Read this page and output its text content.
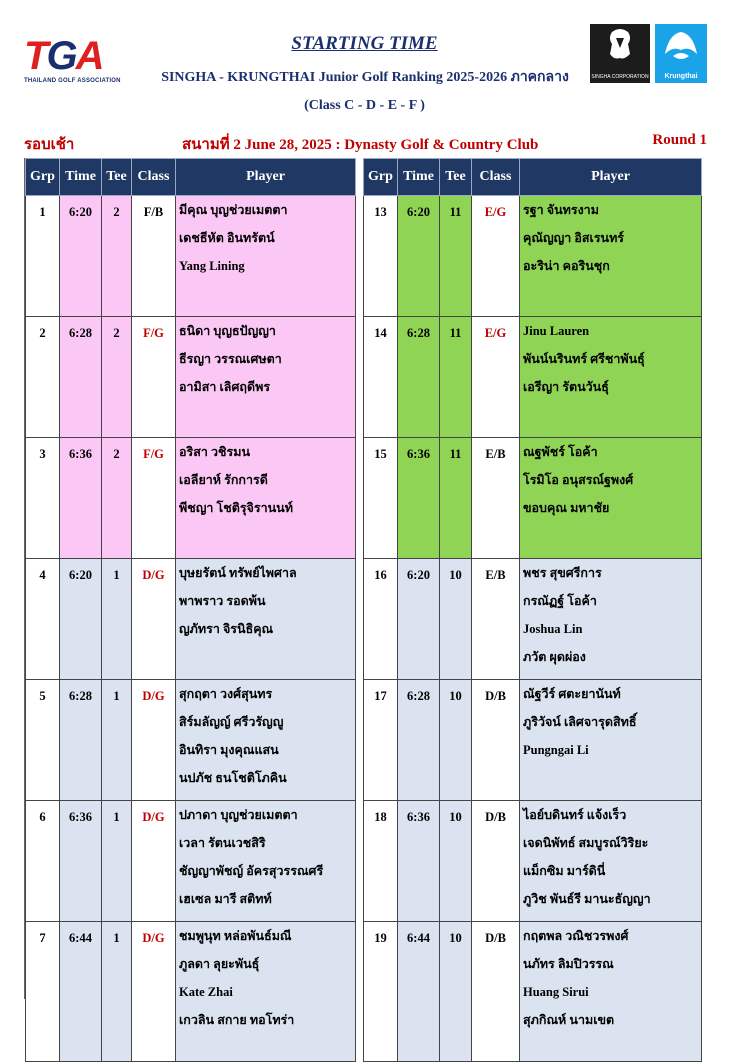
TGA
THAILAND GOLF ASSOCIATION
STARTING TIME
SINGHA - KRUNGTHAI Junior Golf Ranking 2025-2026 ภาคกลาง
(Class C - D - E - F )
SINGHA CORPORATION	Krungthai
รอบเช้า	สนามที่ 2 June 28, 2025 : Dynasty Golf & Country Club	Round 1
Grp	Time	Tee	Class	Player
1	6:20	2	F/B	มีคุณ บุญช่วยเมตตา
เดชธีหัต อินทรัตน์
Yang Lining

2	6:28	2	F/G	ธนิดา บุญธปัญญา
ธีรญา วรรณเศษตา
อามิสา เลิศฤดีพร

3	6:36	2	F/G	อริสา วชิรมน
เอลียาห์ รักการดี
พีชญา โชติรุจิรานนท์

4	6:20	1	D/G	บุษยรัตน์ ทรัพย์ไพศาล
พาพราว รอดพ้น
ญภัทรา จิรนิธิคุณ

5	6:28	1	D/G	สุกฤตา วงศ์สุนทร
สิร์มลัญญ์ ศรีวรัญญู
อินทิรา มุงคุณแสน
นปภัช ธนโชติโภคิน

6	6:36	1	D/G	ปภาดา บุญช่วยเมตตา
เวลา รัตนเวชสิริ
ชัญญาพัชญ์ อัครสุวรรณศรี
เฮเซล มารี สติทท์

7	6:44	1	D/G	ชมพูนุท หล่อพันธ์มณี
ภูลดา ลุยะพันธุ์
Kate Zhai
เกวลิน สกาย ทอโทร่า
Grp	Time	Tee	Class	Player
13	6:20	11	E/G	รฐา จันทรงาม
คุณัญญา อิสเรนทร์
อะริน่า คอรินชุก

14	6:28	11	E/G	Jinu Lauren
พันน์นรินทร์ ศรีชาพันธุ์
เอรีญา รัตนวันธุ์

15	6:36	11	E/B	ณฐพัชร์ โอค้า
โรมิโอ อนุสรณ์ฐพงศ์
ขอบคุณ มหาชัย

16	6:20	10	E/B	พชร สุขศรีการ
กรณัฏฐ์ โอค้า
Joshua Lin
ภวัต ผุดผ่อง

17	6:28	10	D/B	ณัฐวีร์ ศตะยานันท์
ภูริวัจน์ เลิศจารุดสิทธิ์
Pungngai Li

18	6:36	10	D/B	ไอย์บดินทร์ แจ้งเร็ว
เจดนิพัทธ์ สมบูรณ์วิริยะ
แม็กซิม มาร์ดินี่
ภูวิช พันธ์รี มานะธัญญา

19	6:44	10	D/B	กฤตพล วณิชวรพงศ์
นภัทร ลิมปิวรรณ
Huang Sirui
สุภกิณห์ นามเขต
